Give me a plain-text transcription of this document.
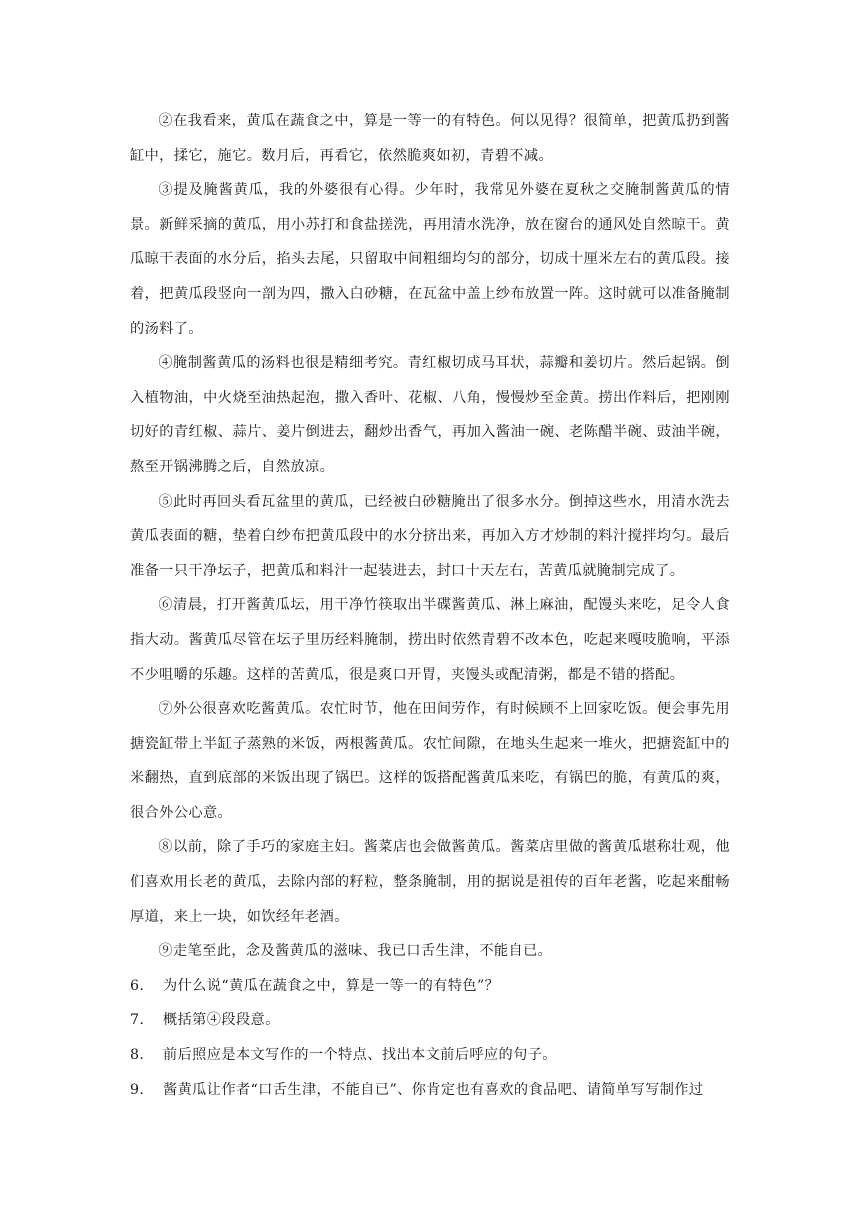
②在我看来，黄瓜在蔬食之中，算是一等一的有特色。何以见得？很简单，把黄瓜扔到酱缸中，揉它，施它。数月后，再看它，依然脆爽如初，青碧不减。

③提及腌酱黄瓜，我的外婆很有心得。少年时，我常见外婆在夏秋之交腌制酱黄瓜的情景。新鲜采摘的黄瓜，用小苏打和食盐搓洗，再用清水洗净，放在窗台的通风处自然晾干。黄瓜晾干表面的水分后，掐头去尾，只留取中间粗细均匀的部分，切成十厘米左右的黄瓜段。接着，把黄瓜段竖向一剖为四，撒入白砂糖，在瓦盆中盖上纱布放置一阵。这时就可以准备腌制的汤料了。

④腌制酱黄瓜的汤料也很是精细考究。青红椒切成马耳状，蒜瓣和姜切片。然后起锅。倒入植物油，中火烧至油热起泡，撒入香叶、花椒、八角，慢慢炒至金黄。捞出作料后，把刚刚切好的青红椒、蒜片、姜片倒进去，翻炒出香气，再加入酱油一碗、老陈醋半碗、豉油半碗，熬至开锅沸腾之后，自然放凉。

⑤此时再回头看瓦盆里的黄瓜，已经被白砂糖腌出了很多水分。倒掉这些水，用清水洗去黄瓜表面的糖，垫着白纱布把黄瓜段中的水分挤出来，再加入方才炒制的料汁搅拌均匀。最后准备一只干净坛子，把黄瓜和料汁一起装进去，封口十天左右，苦黄瓜就腌制完成了。

⑥清晨，打开酱黄瓜坛，用干净竹筷取出半碟酱黄瓜、淋上麻油，配馒头来吃，足令人食指大动。酱黄瓜尽管在坛子里历经料腌制，捞出时依然青碧不改本色，吃起来嘎吱脆响，平添不少咀嚼的乐趣。这样的苦黄瓜，很是爽口开胃，夹馒头或配清粥，都是不错的搭配。

⑦外公很喜欢吃酱黄瓜。农忙时节，他在田间劳作，有时候顾不上回家吃饭。便会事先用搪瓷缸带上半缸子蒸熟的米饭，两根酱黄瓜。农忙间隙，在地头生起来一堆火，把搪瓷缸中的米翻热，直到底部的米饭出现了锅巴。这样的饭搭配酱黄瓜来吃，有锅巴的脆，有黄瓜的爽，很合外公心意。

⑧以前，除了手巧的家庭主妇。酱菜店也会做酱黄瓜。酱菜店里做的酱黄瓜堪称壮观，他们喜欢用长老的黄瓜，去除内部的籽粒，整条腌制，用的据说是祖传的百年老酱，吃起来酣畅厚道，来上一块，如饮经年老酒。

⑨走笔至此，念及酱黄瓜的滋味、我已口舌生津，不能自已。

6.	为什么说“黄瓜在蔬食之中，算是一等一的有特色”？
7.	概括第④段段意。
8.	前后照应是本文写作的一个特点、找出本文前后呼应的句子。
9.	酱黄瓜让作者“口舌生津，不能自已”、你肯定也有喜欢的食品吧、请简单写写制作过
